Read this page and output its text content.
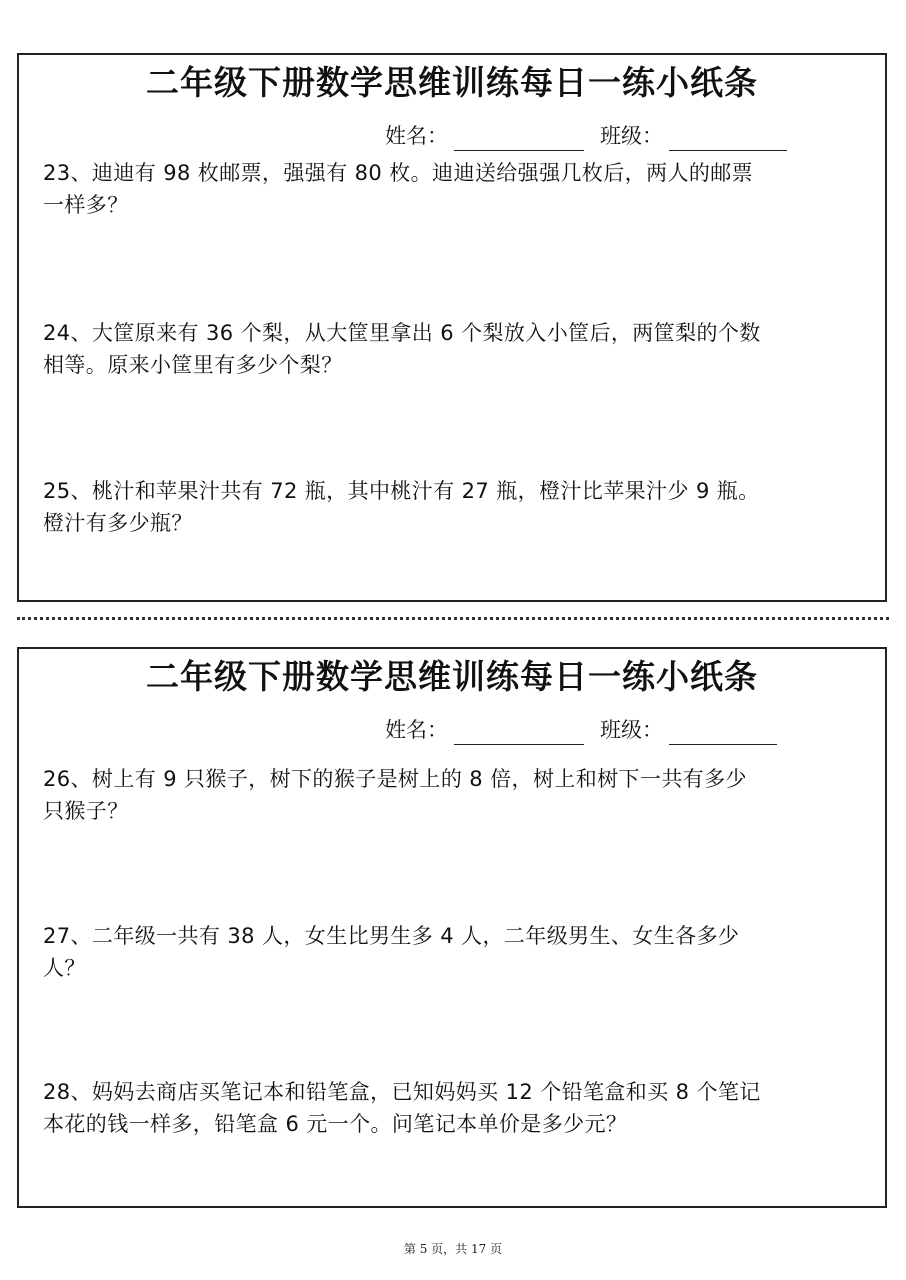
二年级下册数学思维训练每日一练小纸条
姓名：	班级：
23、迪迪有 98 枚邮票，强强有 80 枚。迪迪送给强强几枚后，两人的邮票
一样多？
24、大筐原来有 36 个梨，从大筐里拿出 6 个梨放入小筐后，两筐梨的个数
相等。原来小筐里有多少个梨？
25、桃汁和苹果汁共有 72 瓶，其中桃汁有 27 瓶，橙汁比苹果汁少 9 瓶。
橙汁有多少瓶？
二年级下册数学思维训练每日一练小纸条
姓名：	班级：
26、树上有 9 只猴子，树下的猴子是树上的 8 倍，树上和树下一共有多少
只猴子？
27、二年级一共有 38 人，女生比男生多 4 人，二年级男生、女生各多少
人？
28、妈妈去商店买笔记本和铅笔盒，已知妈妈买 12 个铅笔盒和买 8 个笔记
本花的钱一样多，铅笔盒 6 元一个。问笔记本单价是多少元？
第 5 页，共 17 页
